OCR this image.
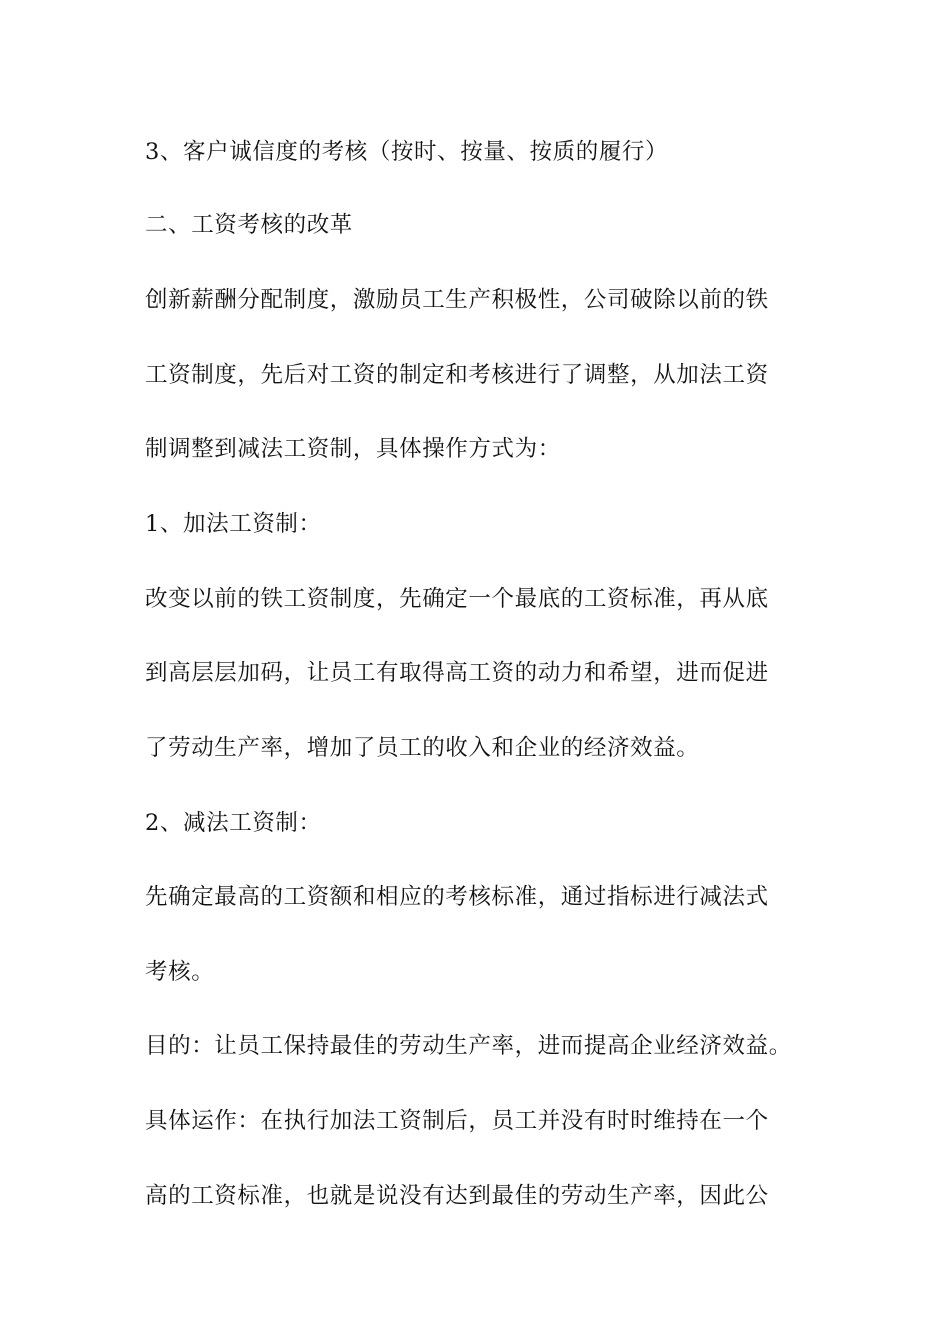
3、客户诚信度的考核（按时、按量、按质的履行）

二、工资考核的改革

创新薪酬分配制度，激励员工生产积极性，公司破除以前的铁

工资制度，先后对工资的制定和考核进行了调整，从加法工资

制调整到减法工资制，具体操作方式为：

1、加法工资制：

改变以前的铁工资制度，先确定一个最底的工资标准，再从底

到高层层加码，让员工有取得高工资的动力和希望，进而促进

了劳动生产率，增加了员工的收入和企业的经济效益。

2、减法工资制：

先确定最高的工资额和相应的考核标准，通过指标进行减法式

考核。

目的：让员工保持最佳的劳动生产率，进而提高企业经济效益。

具体运作：在执行加法工资制后，员工并没有时时维持在一个

高的工资标准，也就是说没有达到最佳的劳动生产率，因此公
